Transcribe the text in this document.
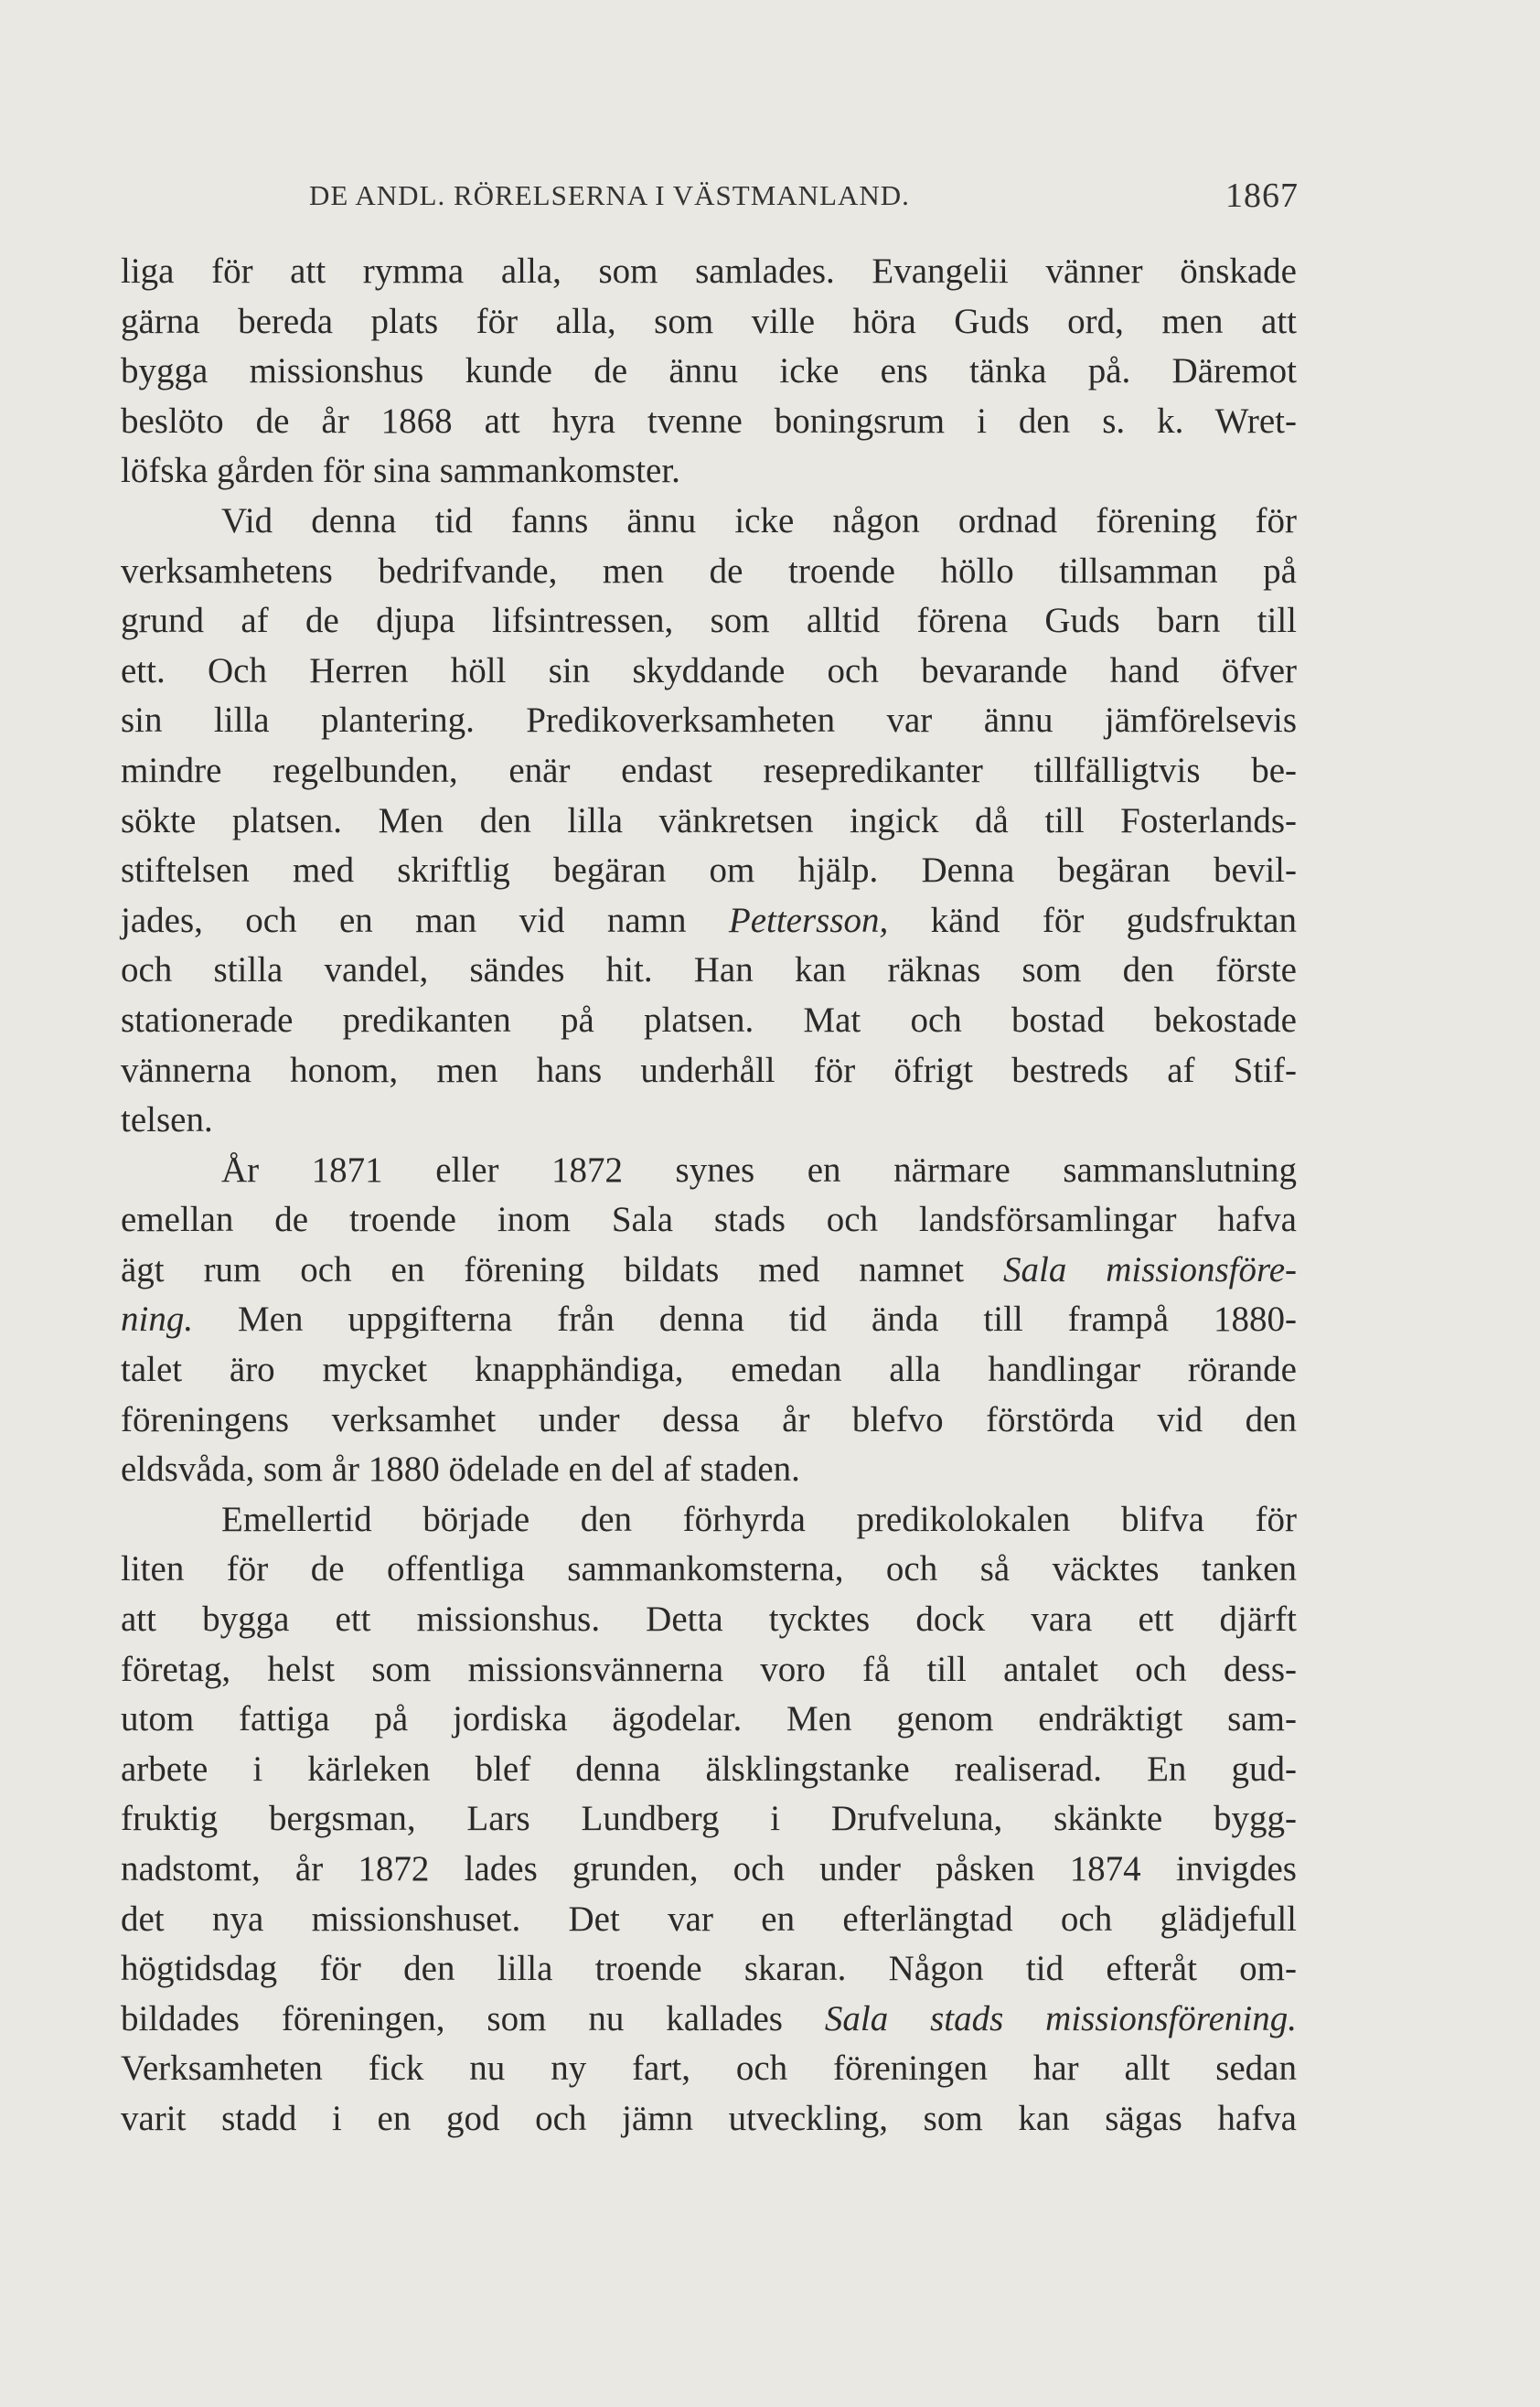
DE ANDL. RÖRELSERNA I VÄSTMANLAND.	1867
liga för att rymma alla, som samlades. Evangelii vänner önskade
gärna bereda plats för alla, som ville höra Guds ord, men att
bygga missionshus kunde de ännu icke ens tänka på. Däremot
beslöto de år 1868 att hyra tvenne boningsrum i den s. k. Wret-
löfska gården för sina sammankomster.
Vid denna tid fanns ännu icke någon ordnad förening för
verksamhetens bedrifvande, men de troende höllo tillsamman på
grund af de djupa lifsintressen, som alltid förena Guds barn till
ett. Och Herren höll sin skyddande och bevarande hand öfver
sin lilla plantering. Predikoverksamheten var ännu jämförelsevis
mindre regelbunden, enär endast resepredikanter tillfälligtvis be-
sökte platsen. Men den lilla vänkretsen ingick då till Fosterlands-
stiftelsen med skriftlig begäran om hjälp. Denna begäran bevil-
jades, och en man vid namn Pettersson, känd för gudsfruktan
och stilla vandel, sändes hit. Han kan räknas som den förste
stationerade predikanten på platsen. Mat och bostad bekostade
vännerna honom, men hans underhåll för öfrigt bestreds af Stif-
telsen.
År 1871 eller 1872 synes en närmare sammanslutning
emellan de troende inom Sala stads och landsförsamlingar hafva
ägt rum och en förening bildats med namnet Sala missionsföre-
ning. Men uppgifterna från denna tid ända till frampå 1880-
talet äro mycket knapphändiga, emedan alla handlingar rörande
föreningens verksamhet under dessa år blefvo förstörda vid den
eldsvåda, som år 1880 ödelade en del af staden.
Emellertid började den förhyrda predikolokalen blifva för
liten för de offentliga sammankomsterna, och så väcktes tanken
att bygga ett missionshus. Detta tycktes dock vara ett djärft
företag, helst som missionsvännerna voro få till antalet och dess-
utom fattiga på jordiska ägodelar. Men genom endräktigt sam-
arbete i kärleken blef denna älsklingstanke realiserad. En gud-
fruktig bergsman, Lars Lundberg i Drufveluna, skänkte bygg-
nadstomt, år 1872 lades grunden, och under påsken 1874 invigdes
det nya missionshuset. Det var en efterlängtad och glädjefull
högtidsdag för den lilla troende skaran. Någon tid efteråt om-
bildades föreningen, som nu kallades Sala stads missionsförening.
Verksamheten fick nu ny fart, och föreningen har allt sedan
varit stadd i en god och jämn utveckling, som kan sägas hafva
